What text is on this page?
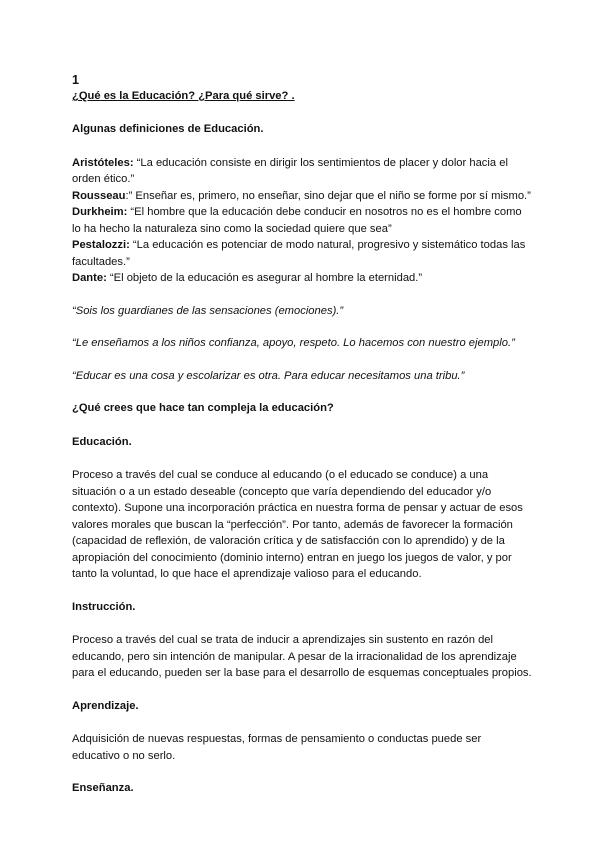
1
¿Qué es la Educación? ¿Para qué sirve? .

Algunas definiciones de Educación.

Aristóteles: “La educación consiste en dirigir los sentimientos de placer y dolor hacia el orden ético.”

Rousseau:” Enseñar es, primero, no enseñar, sino dejar que el niño se forme por sí mismo.”

Durkheim: “El hombre que la educación debe conducir en nosotros no es el hombre como lo ha hecho la naturaleza sino como la sociedad quiere que sea”

Pestalozzi: “La educación es potenciar de modo natural, progresivo y sistemático todas las facultades.”

Dante: “El objeto de la educación es asegurar al hombre la eternidad.”

“Sois los guardianes de las sensaciones (emociones).”

“Le enseñamos a los niños confianza, apoyo, respeto. Lo hacemos con nuestro ejemplo.”

“Educar es una cosa y escolarizar es otra. Para educar necesitamos una tribu.”

¿Qué crees que hace tan compleja la educación?

Educación.

Proceso a través del cual se conduce al educando (o el educado se conduce) a una situación o a un estado deseable (concepto que varía dependiendo del educador y/o contexto). Supone una incorporación práctica en nuestra forma de pensar y actuar de esos valores morales que buscan la “perfección”. Por tanto, además de favorecer la formación (capacidad de reflexión, de valoración crítica y de satisfacción con lo aprendido) y de la apropiación del conocimiento (dominio interno) entran en juego los juegos de valor, y por tanto la voluntad, lo que hace el aprendizaje valioso para el educando.

Instrucción.

Proceso a través del cual se trata de inducir a aprendizajes sin sustento en razón del educando, pero sin intención de manipular. A pesar de la irracionalidad de los aprendizaje para el educando, pueden ser la base para el desarrollo de esquemas conceptuales propios.

Aprendizaje.

Adquisición de nuevas respuestas, formas de pensamiento o conductas puede ser educativo o no serlo.

Enseñanza.
